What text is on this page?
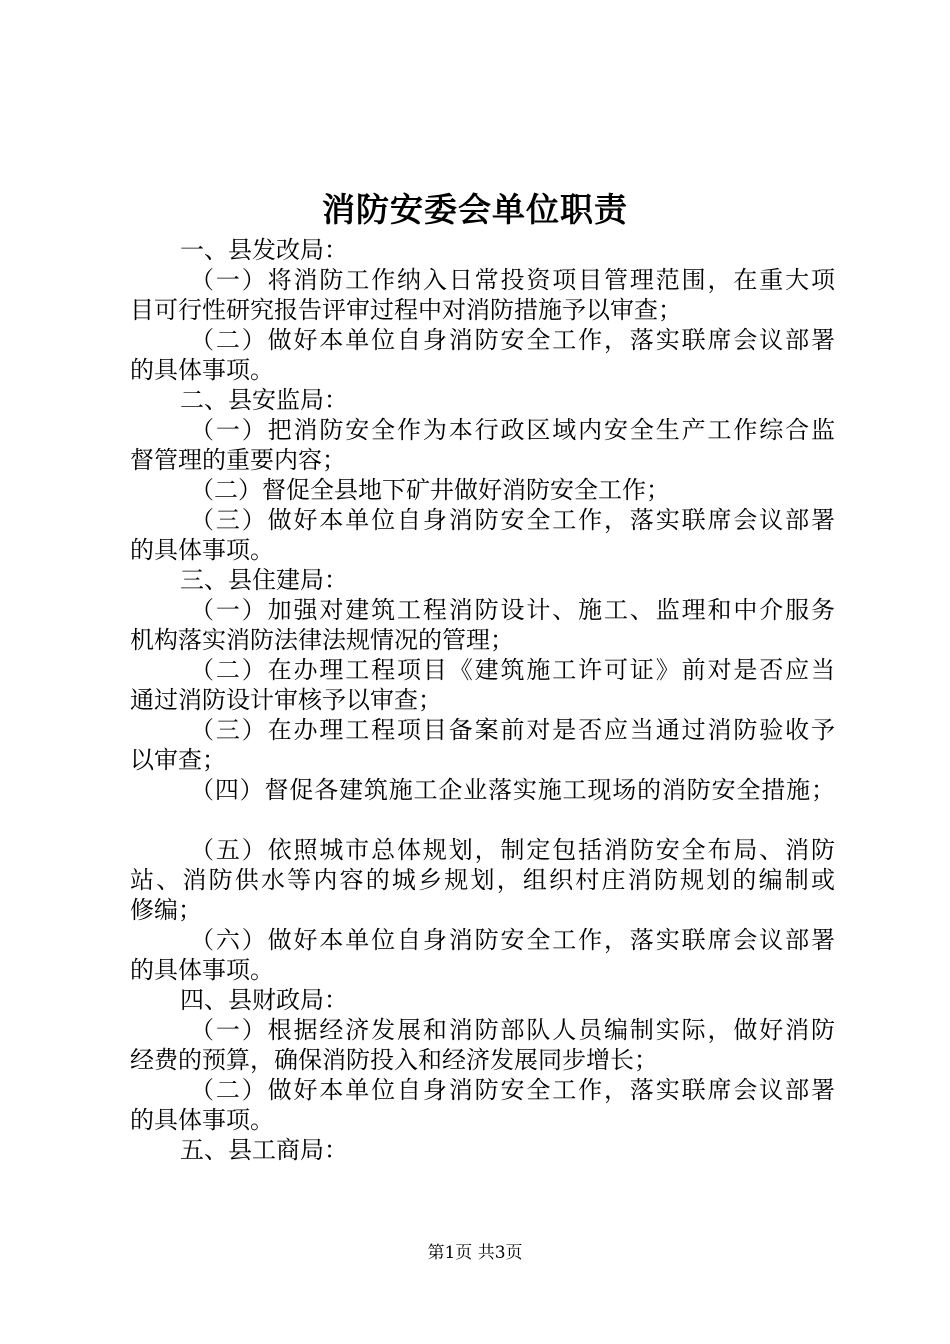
消防安委会单位职责
一、县发改局：
（一）将消防工作纳入日常投资项目管理范围，在重大项
目可行性研究报告评审过程中对消防措施予以审查；
（二）做好本单位自身消防安全工作，落实联席会议部署
的具体事项。
二、县安监局：
（一）把消防安全作为本行政区域内安全生产工作综合监
督管理的重要内容；
（二）督促全县地下矿井做好消防安全工作；
（三）做好本单位自身消防安全工作，落实联席会议部署
的具体事项。
三、县住建局：
（一）加强对建筑工程消防设计、施工、监理和中介服务
机构落实消防法律法规情况的管理；
（二）在办理工程项目《建筑施工许可证》前对是否应当
通过消防设计审核予以审查；
（三）在办理工程项目备案前对是否应当通过消防验收予
以审查；
（四）督促各建筑施工企业落实施工现场的消防安全措施；
（五）依照城市总体规划，制定包括消防安全布局、消防
站、消防供水等内容的城乡规划，组织村庄消防规划的编制或
修编；
（六）做好本单位自身消防安全工作，落实联席会议部署
的具体事项。
四、县财政局：
（一）根据经济发展和消防部队人员编制实际，做好消防
经费的预算，确保消防投入和经济发展同步增长；
（二）做好本单位自身消防安全工作，落实联席会议部署
的具体事项。
五、县工商局：
第1页 共3页
